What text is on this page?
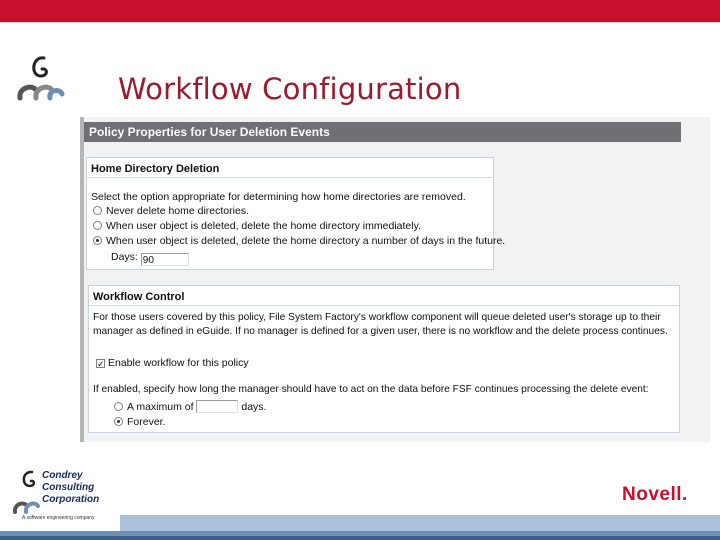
Workflow Configuration
Policy Properties for User Deletion Events
Home Directory Deletion
Select the option appropriate for determining how home directories are removed.
Never delete home directories.
When user object is deleted, delete the home directory immediately.
When user object is deleted, delete the home directory a number of days in the future.
Days: 90
Workflow Control
For those users covered by this policy, File System Factory's workflow component will queue deleted user's storage up to their
manager as defined in eGuide. If no manager is defined for a given user, there is no workflow and the delete process continues.
✓ Enable workflow for this policy
If enabled, specify how long the manager should have to act on the data before FSF continues processing the delete event:
A maximum of	days.
Forever.
Condrey
Consulting
Corporation
A software engineering company
Novell.
